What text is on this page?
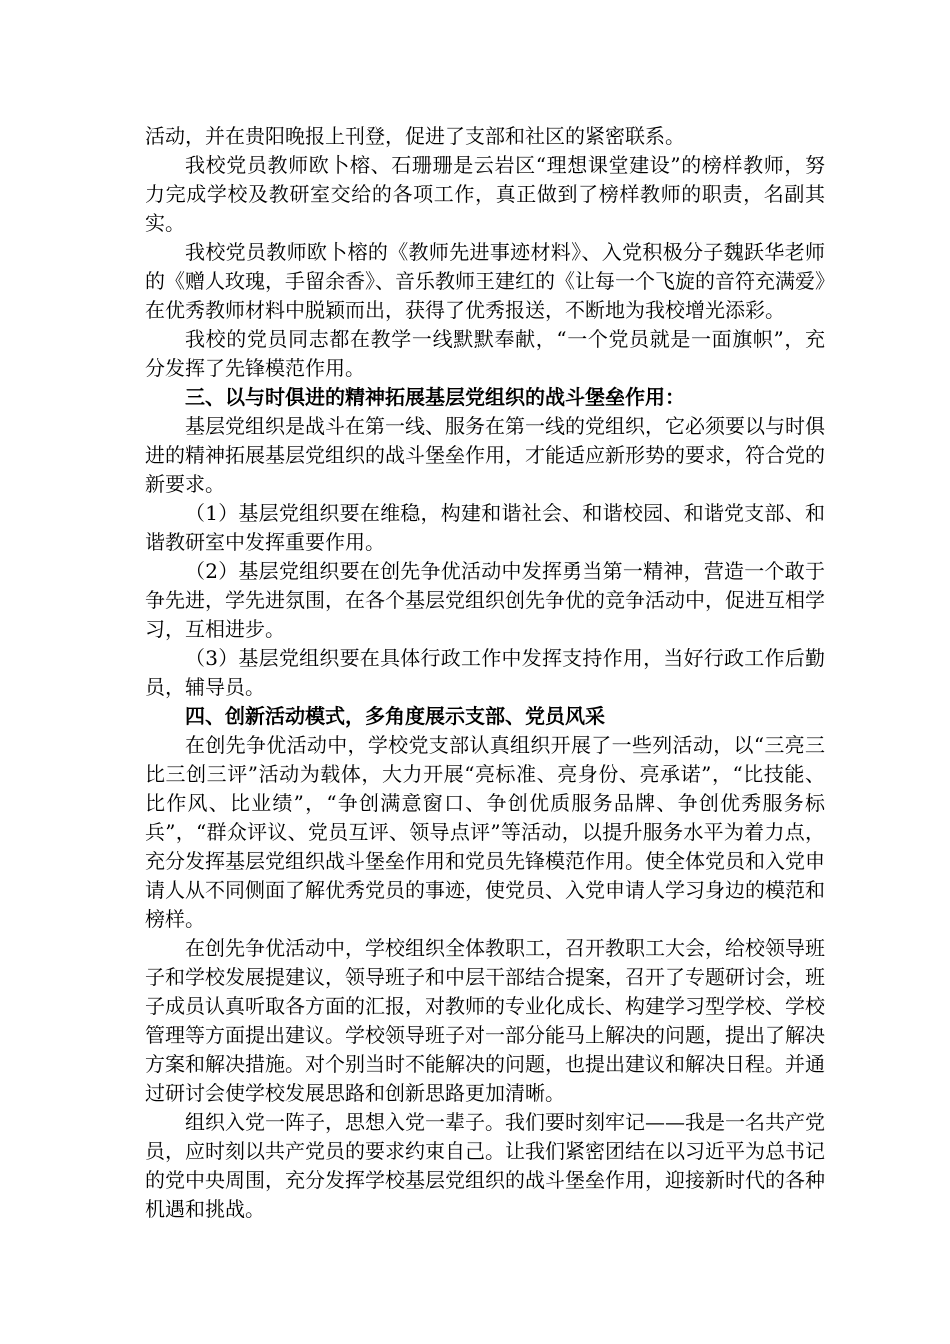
活动，并在贵阳晚报上刊登，促进了支部和社区的紧密联系。

我校党员教师欧卜榕、石珊珊是云岩区“理想课堂建设”的榜样教师，努力完成学校及教研室交给的各项工作，真正做到了榜样教师的职责，名副其实。

我校党员教师欧卜榕的《教师先进事迹材料》、入党积极分子魏跃华老师的《赠人玫瑰，手留余香》、音乐教师王建红的《让每一个飞旋的音符充满爱》在优秀教师材料中脱颖而出，获得了优秀报送，不断地为我校增光添彩。

我校的党员同志都在教学一线默默奉献，“一个党员就是一面旗帜”，充分发挥了先锋模范作用。

三、以与时俱进的精神拓展基层党组织的战斗堡垒作用：

基层党组织是战斗在第一线、服务在第一线的党组织，它必须要以与时俱进的精神拓展基层党组织的战斗堡垒作用，才能适应新形势的要求，符合党的新要求。

（1）基层党组织要在维稳，构建和谐社会、和谐校园、和谐党支部、和谐教研室中发挥重要作用。

（2）基层党组织要在创先争优活动中发挥勇当第一精神，营造一个敢于争先进，学先进氛围，在各个基层党组织创先争优的竞争活动中，促进互相学习，互相进步。

（3）基层党组织要在具体行政工作中发挥支持作用，当好行政工作后勤员，辅导员。

四、创新活动模式，多角度展示支部、党员风采

在创先争优活动中，学校党支部认真组织开展了一些列活动，以“三亮三比三创三评”活动为载体，大力开展“亮标准、亮身份、亮承诺”，“比技能、比作风、比业绩”，“争创满意窗口、争创优质服务品牌、争创优秀服务标兵”，“群众评议、党员互评、领导点评”等活动，以提升服务水平为着力点，充分发挥基层党组织战斗堡垒作用和党员先锋模范作用。使全体党员和入党申请人从不同侧面了解优秀党员的事迹，使党员、入党申请人学习身边的模范和榜样。

在创先争优活动中，学校组织全体教职工，召开教职工大会，给校领导班子和学校发展提建议，领导班子和中层干部结合提案，召开了专题研讨会，班子成员认真听取各方面的汇报，对教师的专业化成长、构建学习型学校、学校管理等方面提出建议。学校领导班子对一部分能马上解决的问题，提出了解决方案和解决措施。对个别当时不能解决的问题，也提出建议和解决日程。并通过研讨会使学校发展思路和创新思路更加清晰。

组织入党一阵子，思想入党一辈子。我们要时刻牢记——我是一名共产党员，应时刻以共产党员的要求约束自己。让我们紧密团结在以习近平为总书记的党中央周围，充分发挥学校基层党组织的战斗堡垒作用，迎接新时代的各种机遇和挑战。
